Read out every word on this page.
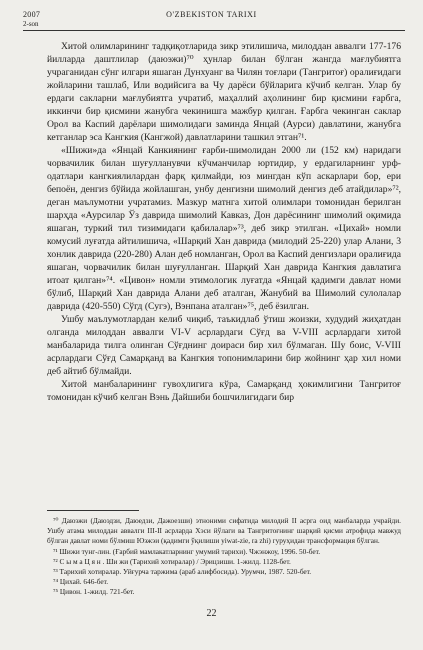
2007	O'ZBEKISTON TARIXI
2-son

Хитой олимларининг тадқиқотларида зикр этилишича, милоддан аввалги 177-176 йилларда даштлилар (даюэжи)⁷⁰ ҳунлар билан бўлган жангда мағлубиятга учраганидан сўнг илгари яшаган Дунхуанг ва Чилян тоғлари (Тангритоғ) оралиғидаги жойларини ташлаб, Или водийсига ва Чу дарёси бўйларига кўчиб келган. Улар бу ердаги сакларни мағлубиятга учратиб, маҳаллий аҳолининг бир қисмини ғарбга, иккинчи бир қисмини жанубга чекинишга мажбур қилган. Ғарбга чекинган саклар Орол ва Каспий дарёлари шимолидаги заминда Янцай (Аурси) давлатини, жанубга кетганлар эса Кангкия (Кангжой) давлатларини ташкил этган⁷¹.

«Шижи»да «Янцай Канкиянинг ғарби-шимолидан 2000 ли (152 км) наридаги чорвачилик билан шуғулланувчи кўчманчилар юртидир, у ердагиларнинг урф-одатлари кангкиялилардан фарқ қилмайди, юз мингдан кўп аскарлари бор, ери бепоён, денгиз бўйида жойлашган, унбу денгизни шимолий денгиз деб атайдилар»⁷², деган маълумотни учратамиз. Мазкур матнга хитой олимлари томонидан берилган шарҳда «Аурсилар Ўз даврида шимолий Кавказ, Дон дарёсининг шимолий оқимида яшаган, туркий тил тизимидаги қабилалар»⁷³, деб зикр этилган. «Цихай» номли комусий луғатда айтилишича, «Шарқий Хан даврида (милодий 25-220) улар Алани, 3 хонлик даврида (220-280) Алан деб номланган, Орол ва Каспий денгизлари оралиғида яшаган, чорвачилик билан шуғулланган. Шарқий Хан даврида Кангкия давлатига итоат қилган»⁷⁴. «Цивон» номли этимологик луғатда «Янцай қадимги давлат номи бўлиб, Шарқий Хан даврида Алани деб аталган, Жанубий ва Шимолий сулолалар даврида (420-550) Сўгд (Сугэ), Вэнпана аталган»⁷⁵, деб ёзилган.

Ушбу маълумотлардан келиб чиқиб, таъкидлаб ўтиш жоизки, худудий жиҳатдан олганда милоддан аввалги VI-V асрлардаги Сўғд ва V-VIII асрлардаги хитой манбаларида тилга олинган Сўғднинг доираси бир хил бўлмаган. Шу боис, V-VIII асрлардаги Сўғд Самарқанд ва Кангкия топонимларини бир жойнинг ҳар хил номи деб айтиб бўлмайди.

Хитой манбаларининг гувоҳлигига кўра, Самарқанд ҳокимлигини Тангритоғ томонидан кўчиб келган Вэнь Дайшиби бошчилигидаги бир

⁷⁰ Даюэжи (Даюэдзи, Даюедзи, Дажоезши) этноними сифатида милодий II асрга оид манбаларда учрайди. Ушбу атама милоддан аввалги III-II асрларда Хэси йўлаги ва Тангритоғнинг шарқий қисми атрофида мавжуд бўлган давлат номи бўлмиш Юэжэи (қадимги ўқилиши yiwat-zie, ra zhi) гуруҳидан трансформация бўлган.

⁷¹ Шижи тунг-лин. (Ғарбий мамлакатларнинг умумий тарихи). Чжэнжоу, 1996. 50-бет.

⁷² С ы м а Ц я н . Ши жи (Тарихий хотиралар) / Эрицзиши. 1-жилд. 1128-бет.

⁷³ Тарихий хотиралар. Уйғурча таржима (араб алифбосида). Урумчи, 1987. 520-бет.

⁷⁴ Цихай. 646-бет.

⁷⁵ Цивон. 1-жилд. 721-бет.

22
